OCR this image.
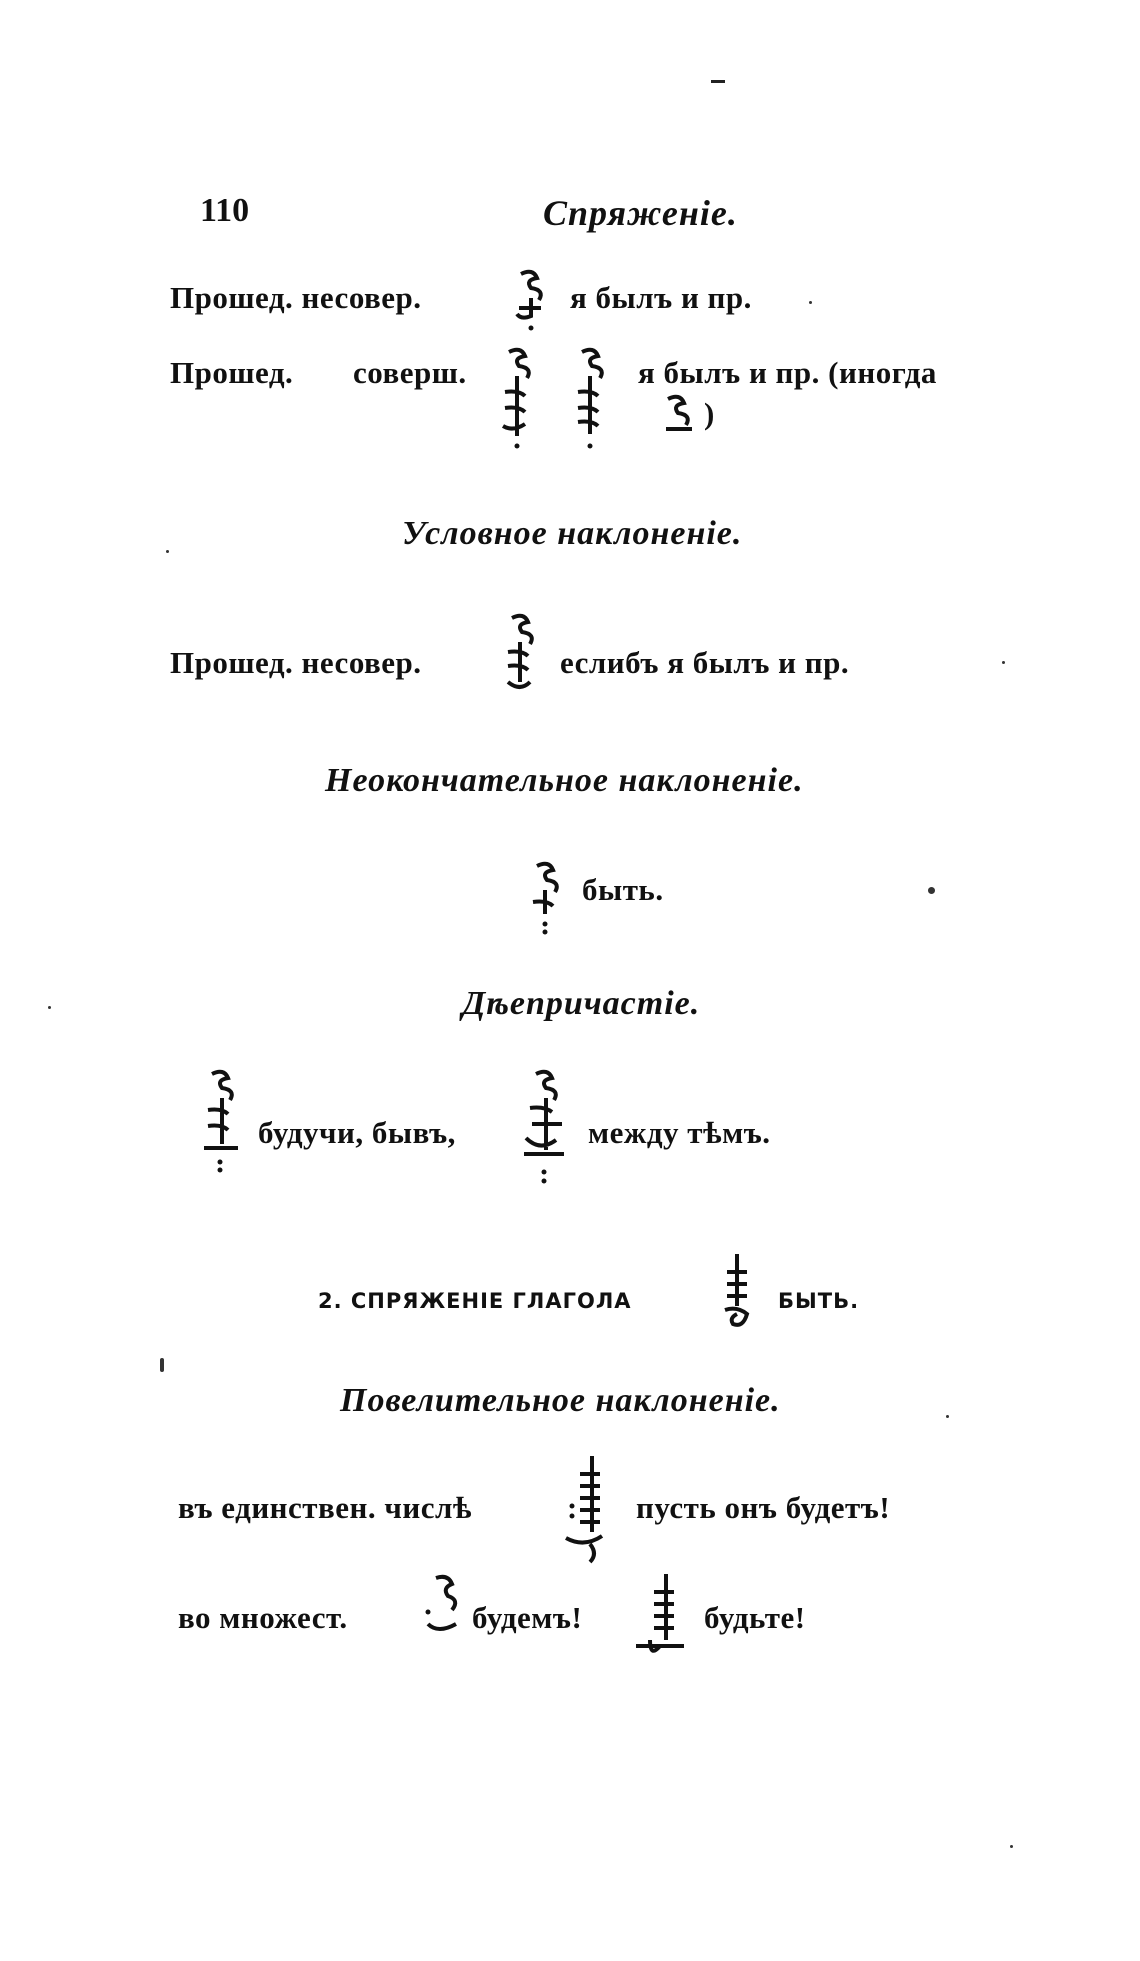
110	Спряженіе.
Прошед. несовер.	я былъ и пр.
Прошед. соверш.	я былъ и пр. (иногда
)
Условное наклоненіе.
Прошед. несовер.	еслибъ я былъ и пр.
Неокончательное наклоненіе.
быть.
Дѣепричастіе.
будучи, бывъ,	между тѣмъ.
2. СПРЯЖЕНІЕ ГЛАГОЛА	БЫТЬ.
Повелительное наклоненіе.
въ единствен. числѣ	пусть онъ будетъ!
во множест.	будемъ!	будьте!
